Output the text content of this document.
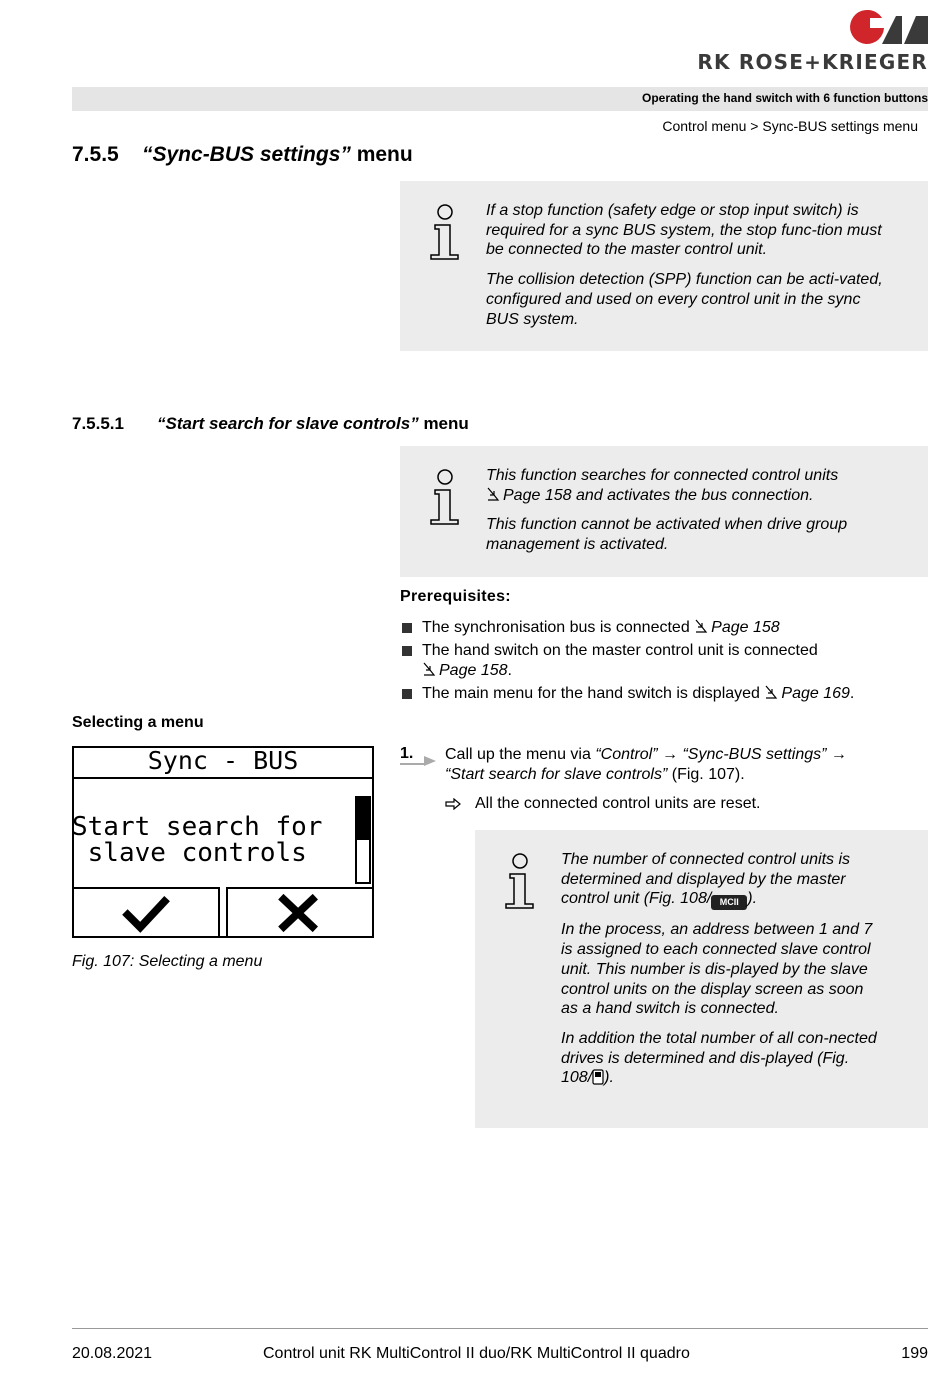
RK ROSE+KRIEGER
Operating the hand switch with 6 function buttons
Control menu > Sync-BUS settings menu
7.5.5 “Sync-BUS settings” menu

If a stop function (safety edge or stop input switch) is required for a sync BUS system, the stop func-tion must be connected to the master control unit.

The collision detection (SPP) function can be acti-vated, configured and used on every control unit in the sync BUS system.

7.5.5.1 “Start search for slave controls” menu

This function searches for connected control units
Page 158 and activates the bus connection.

This function cannot be activated when drive group management is activated.

Prerequisites:
The synchronisation bus is connected Page 158
The hand switch on the master control unit is connected
Page 158.
The main menu for the hand switch is displayed Page 169.
Selecting a menu
Sync - BUS
Start search for
slave controls
Fig. 107: Selecting a menu
1. Call up the menu via “Control” → “Sync-BUS settings” →
“Start search for slave controls” (Fig. 107).
All the connected control units are reset.

The number of connected control units is determined and displayed by the master control unit (Fig. 108/ MCII ).

In the process, an address between 1 and 7 is assigned to each connected slave control unit. This number is dis-played by the slave control units on the display screen as soon as a hand switch is connected.

In addition the total number of all con-nected drives is determined and dis-played (Fig. 108/ ).

20.08.2021	Control unit RK MultiControl II duo/RK MultiControl II quadro	199
